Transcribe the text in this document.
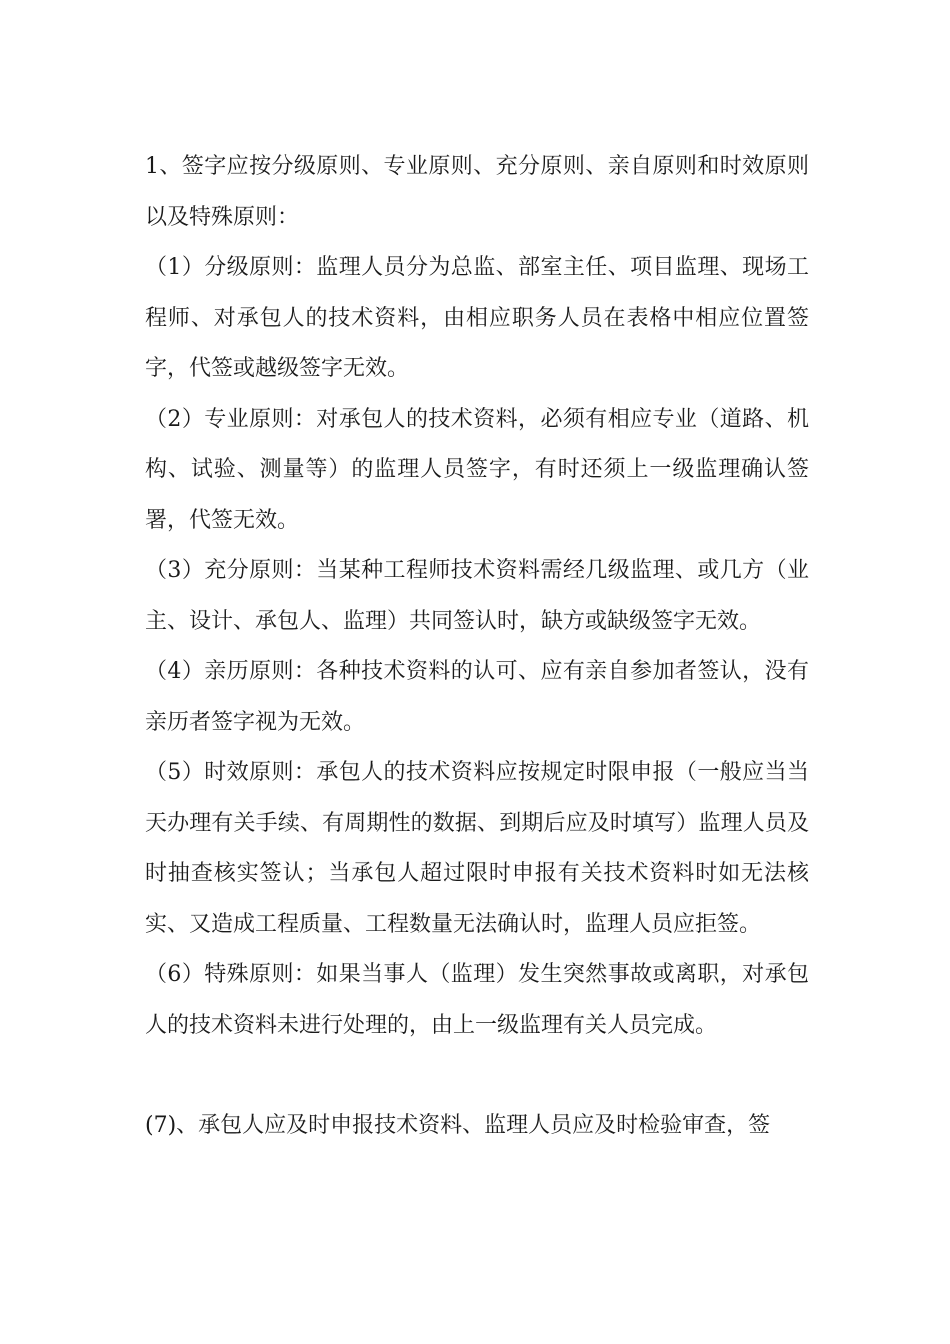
1、签字应按分级原则、专业原则、充分原则、亲自原则和时效原则以及特殊原则：

（1）分级原则：监理人员分为总监、部室主任、项目监理、现场工程师、对承包人的技术资料，由相应职务人员在表格中相应位置签字，代签或越级签字无效。

（2）专业原则：对承包人的技术资料，必须有相应专业（道路、机构、试验、测量等）的监理人员签字，有时还须上一级监理确认签署，代签无效。

（3）充分原则：当某种工程师技术资料需经几级监理、或几方（业主、设计、承包人、监理）共同签认时，缺方或缺级签字无效。

（4）亲历原则：各种技术资料的认可、应有亲自参加者签认，没有亲历者签字视为无效。

（5）时效原则：承包人的技术资料应按规定时限申报（一般应当当天办理有关手续、有周期性的数据、到期后应及时填写）监理人员及时抽查核实签认；当承包人超过限时申报有关技术资料时如无法核实、又造成工程质量、工程数量无法确认时，监理人员应拒签。

（6）特殊原则：如果当事人（监理）发生突然事故或离职，对承包人的技术资料未进行处理的，由上一级监理有关人员完成。

(7)、承包人应及时申报技术资料、监理人员应及时检验审查，签
